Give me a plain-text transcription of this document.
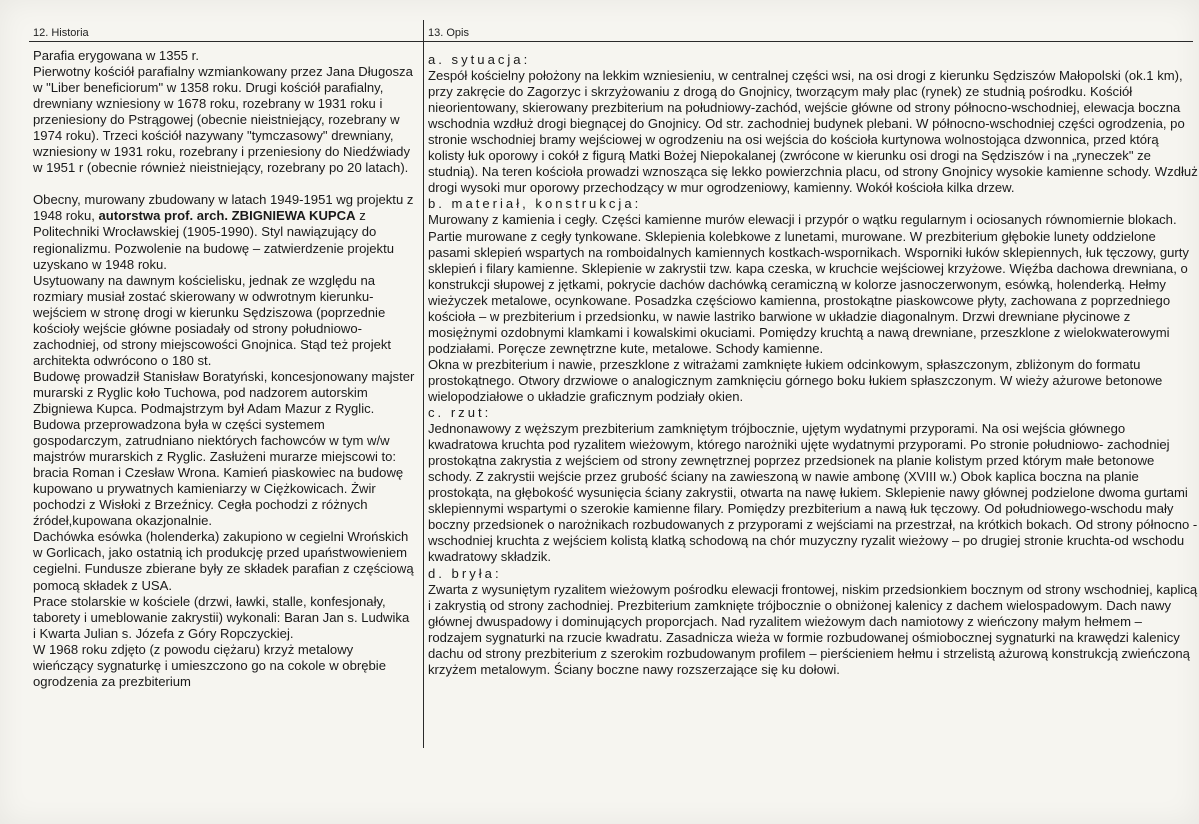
12. Historia	13. Opis

Parafia erygowana w 1355 r.

Pierwotny kościół parafialny wzmiankowany przez Jana Długosza w "Liber beneficiorum" w 1358 roku. Drugi kościół parafialny, drewniany wzniesiony w 1678 roku, rozebrany w 1931 roku i przeniesiony do Pstrągowej (obecnie nieistniejący, rozebrany w 1974 roku). Trzeci kościół nazywany "tymczasowy" drewniany, wzniesiony w 1931 roku, rozebrany i przeniesiony do Niedźwiady w 1951 r (obecnie również nieistniejący, rozebrany po 20 latach).

Obecny, murowany zbudowany w latach 1949-1951 wg projektu z 1948 roku, autorstwa prof. arch. ZBIGNIEWA KUPCA z Politechniki Wrocławskiej (1905-1990). Styl nawiązujący do regionalizmu. Pozwolenie na budowę – zatwierdzenie projektu uzyskano w 1948 roku.

Usytuowany na dawnym kościelisku, jednak ze względu na rozmiary musiał zostać skierowany w odwrotnym kierunku- wejściem w stronę drogi w kierunku Sędziszowa (poprzednie kościoły wejście główne posiadały od strony południowo- zachodniej, od strony miejscowości Gnojnica. Stąd też projekt architekta odwrócono o 180 st.

Budowę prowadził Stanisław Boratyński, koncesjonowany majster murarski z Ryglic koło Tuchowa, pod nadzorem autorskim Zbigniewa Kupca. Podmajstrzym był Adam Mazur z Ryglic. Budowa przeprowadzona była w części systemem gospodarczym, zatrudniano niektórych fachowców w tym w/w majstrów murarskich z Ryglic. Zasłużeni murarze miejscowi to: bracia Roman i Czesław Wrona. Kamień piaskowiec na budowę kupowano u prywatnych kamieniarzy w Ciężkowicach. Żwir pochodzi z Wisłoki z Brzeźnicy. Cegła pochodzi z różnych źródeł,kupowana okazjonalnie.

Dachówka esówka (holenderka) zakupiono w cegielni Wrońskich w Gorlicach, jako ostatnią ich produkcję przed upaństwowieniem cegielni. Fundusze zbierane były ze składek parafian z częściową pomocą składek z USA.

Prace stolarskie w kościele (drzwi, ławki, stalle, konfesjonały, taborety i umeblowanie zakrystii) wykonali: Baran Jan s. Ludwika i Kwarta Julian s. Józefa z Góry Ropczyckiej.

W 1968 roku zdjęto (z powodu ciężaru) krzyż metalowy wieńczący sygnaturkę i umieszczono go na cokole w obrębie ogrodzenia za prezbiterium

a. sytuacja:
Zespół kościelny położony na lekkim wzniesieniu, w centralnej części wsi, na osi drogi z kierunku Sędziszów Małopolski (ok.1 km), przy zakręcie do Zagorzyc i skrzyżowaniu z drogą do Gnojnicy, tworzącym mały plac (rynek) ze studnią pośrodku. Kościół nieorientowany, skierowany prezbiterium na południowy-zachód, wejście główne od strony północno-wschodniej, elewacja boczna wschodnia wzdłuż drogi biegnącej do Gnojnicy. Od str. zachodniej budynek plebani. W północno-wschodniej części ogrodzenia, po stronie wschodniej bramy wejściowej w ogrodzeniu na osi wejścia do kościoła kurtynowa wolnostojąca dzwonnica, przed którą kolisty łuk oporowy i cokół z figurą Matki Bożej Niepokalanej (zwrócone w kierunku osi drogi na Sędziszów i na „ryneczek" ze studnią). Na teren kościoła prowadzi wznosząca się lekko powierzchnia placu, od strony Gnojnicy wysokie kamienne schody. Wzdłuż drogi wysoki mur oporowy przechodzący w mur ogrodzeniowy, kamienny. Wokół kościoła kilka drzew.
b. materiał, konstrukcja:
Murowany z kamienia i cegły. Części kamienne murów elewacji i przypór o wątku regularnym i ociosanych równomiernie blokach. Partie murowane z cegły tynkowane. Sklepienia kolebkowe z lunetami, murowane. W prezbiterium głębokie lunety oddzielone pasami sklepień wspartych na romboidalnych kamiennych kostkach-wspornikach. Wsporniki łuków sklepiennych, łuk tęczowy, gurty sklepień i filary kamienne. Sklepienie w zakrystii tzw. kapa czeska, w kruchcie wejściowej krzyżowe. Więźba dachowa drewniana, o konstrukcji słupowej z jętkami, pokrycie dachów dachówką ceramiczną w kolorze jasnoczerwonym, esówką, holenderką. Hełmy wieżyczek metalowe, ocynkowane. Posadzka częściowo kamienna, prostokątne piaskowcowe płyty, zachowana z poprzedniego kościoła – w prezbiterium i przedsionku, w nawie lastriko barwione w układzie diagonalnym. Drzwi drewniane płycinowe z mosiężnymi ozdobnymi klamkami i kowalskimi okuciami. Pomiędzy kruchtą a nawą drewniane, przeszklone z wielokwaterowymi podziałami. Poręcze zewnętrzne kute, metalowe. Schody kamienne.
Okna w prezbiterium i nawie, przeszklone z witrażami zamknięte łukiem odcinkowym, spłaszczonym, zbliżonym do formatu prostokątnego. Otwory drzwiowe o analogicznym zamknięciu górnego boku łukiem spłaszczonym. W wieży ażurowe betonowe wielopodziałowe o układzie graficznym podziały okien.
c. rzut:
Jednonawowy z węższym prezbiterium zamkniętym trójbocznie, ujętym wydatnymi przyporami. Na osi wejścia głównego kwadratowa kruchta pod ryzalitem wieżowym, którego narożniki ujęte wydatnymi przyporami. Po stronie południowo- zachodniej prostokątna zakrystia z wejściem od strony zewnętrznej poprzez przedsionek na planie kolistym przed którym małe betonowe schody. Z zakrystii wejście przez grubość ściany na zawieszoną w nawie ambonę (XVIII w.) Obok kaplica boczna na planie prostokąta, na głębokość wysunięcia ściany zakrystii, otwarta na nawę łukiem. Sklepienie nawy głównej podzielone dwoma gurtami sklepiennymi wspartymi o szerokie kamienne filary. Pomiędzy prezbiterium a nawą łuk tęczowy. Od południowego-wschodu mały boczny przedsionek o narożnikach rozbudowanych z przyporami z wejściami na przestrzał, na krótkich bokach. Od strony północno - wschodniej kruchta z wejściem kolistą klatką schodową na chór muzyczny ryzalit wieżowy – po drugiej stronie kruchta-od wschodu kwadratowy składzik.
d. bryła:
Zwarta z wysuniętym ryzalitem wieżowym pośrodku elewacji frontowej, niskim przedsionkiem bocznym od strony wschodniej, kaplicą i zakrystią od strony zachodniej. Prezbiterium zamknięte trójbocznie o obniżonej kalenicy z dachem wielospadowym. Dach nawy głównej dwuspadowy i dominujących proporcjach. Nad ryzalitem wieżowym dach namiotowy z wieńczony małym hełmem – rodzajem sygnaturki na rzucie kwadratu. Zasadnicza wieża w formie rozbudowanej ośmiobocznej sygnaturki na krawędzi kalenicy dachu od strony prezbiterium z szerokim rozbudowanym profilem – pierścieniem hełmu i strzelistą ażurową konstrukcją zwieńczoną krzyżem metalowym. Ściany boczne nawy rozszerzające się ku dołowi.
